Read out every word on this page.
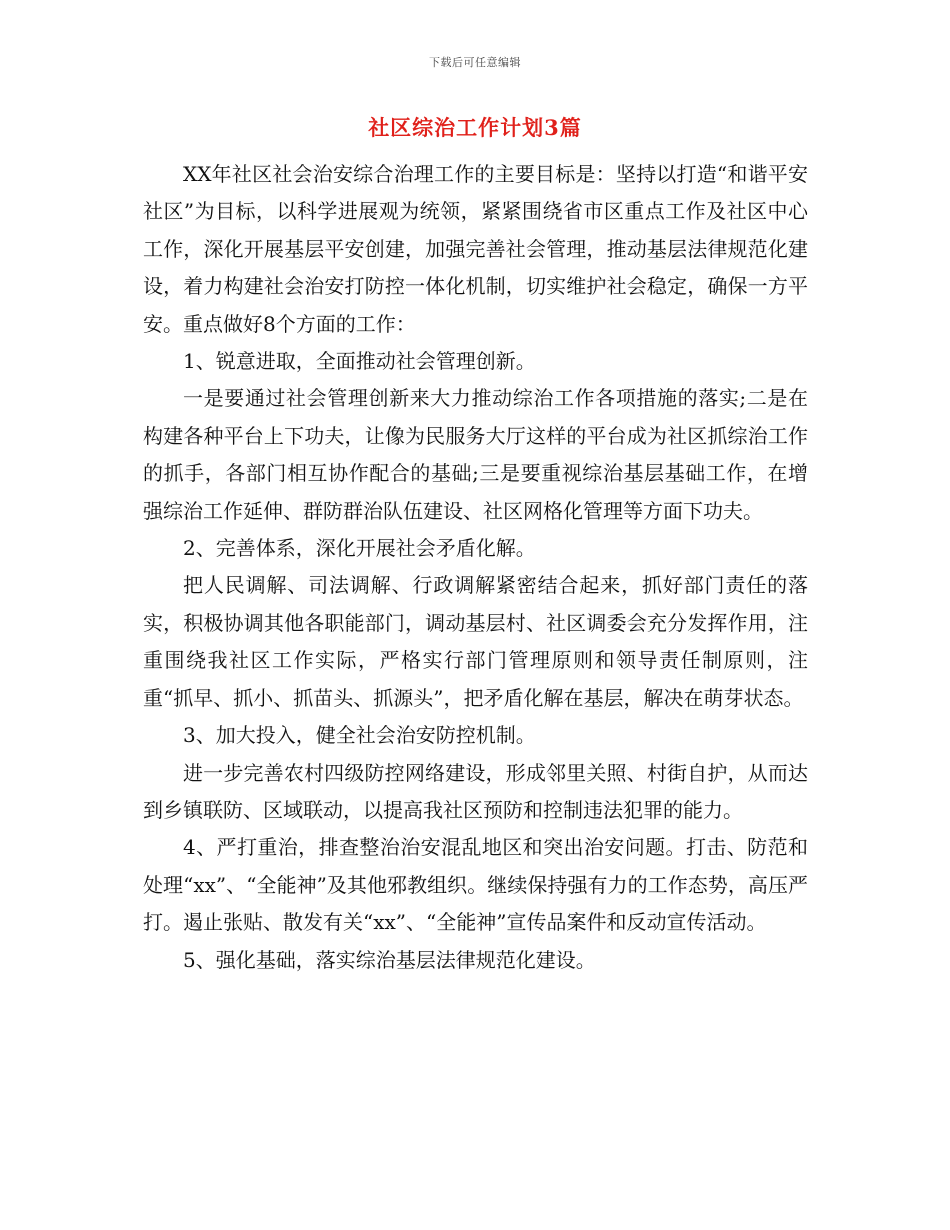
下载后可任意编辑
社区综治工作计划3篇

XX年社区社会治安综合治理工作的主要目标是：坚持以打造“和谐平安社区”为目标，以科学进展观为统领，紧紧围绕省市区重点工作及社区中心工作，深化开展基层平安创建，加强完善社会管理，推动基层法律规范化建设，着力构建社会治安打防控一体化机制，切实维护社会稳定，确保一方平安。重点做好8个方面的工作：

1、锐意进取，全面推动社会管理创新。

一是要通过社会管理创新来大力推动综治工作各项措施的落实;二是在构建各种平台上下功夫，让像为民服务大厅这样的平台成为社区抓综治工作的抓手，各部门相互协作配合的基础;三是要重视综治基层基础工作，在增强综治工作延伸、群防群治队伍建设、社区网格化管理等方面下功夫。

2、完善体系，深化开展社会矛盾化解。

把人民调解、司法调解、行政调解紧密结合起来，抓好部门责任的落实，积极协调其他各职能部门，调动基层村、社区调委会充分发挥作用，注重围绕我社区工作实际，严格实行部门管理原则和领导责任制原则，注重“抓早、抓小、抓苗头、抓源头”，把矛盾化解在基层，解决在萌芽状态。

3、加大投入，健全社会治安防控机制。

进一步完善农村四级防控网络建设，形成邻里关照、村街自护，从而达到乡镇联防、区域联动，以提高我社区预防和控制违法犯罪的能力。

4、严打重治，排查整治治安混乱地区和突出治安问题。打击、防范和处理“xx”、“全能神”及其他邪教组织。继续保持强有力的工作态势，高压严打。遏止张贴、散发有关“xx”、“全能神”宣传品案件和反动宣传活动。

5、强化基础，落实综治基层法律规范化建设。
